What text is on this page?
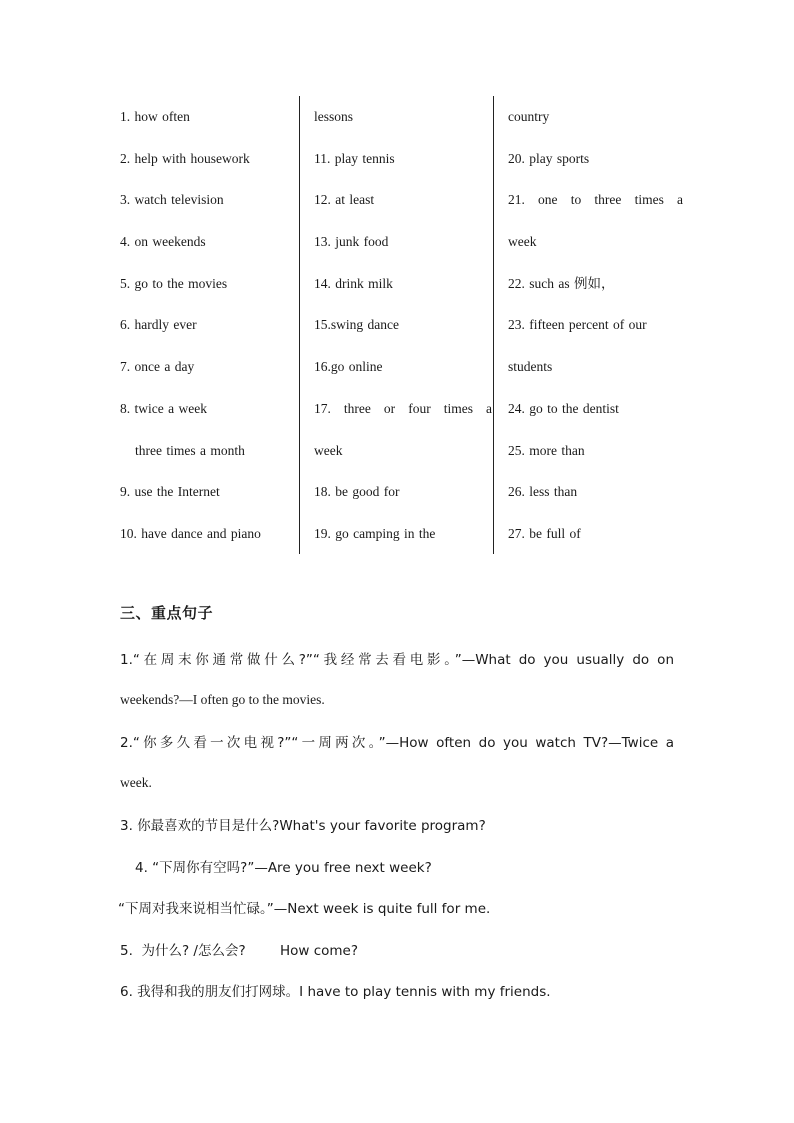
1. how often
2. help with housework
3. watch television
4. on weekends
5. go to the movies
6. hardly ever
7. once a day
8. twice a week
three times a month
9. use the Internet
10. have dance and piano
lessons
11. play tennis
12. at least
13. junk food
14. drink milk
15.swing dance
16.go online
17. three or four times a
week
18. be good for
19. go camping in the
country
20. play sports
21. one to three times a
week
22. such as 例如，
23. fifteen percent of our
students
24. go to the dentist
25. more than
26. less than
27. be full of
三、重点句子
1.“在周末你通常做什么?”“我经常去看电影。”—What do you usually do on
weekends?—I often go to the movies.
2.“你多久看一次电视?”“一周两次。”—How often do you watch TV?—Twice a
week.
3. 你最喜欢的节目是什么?What's your favorite program?
4. “下周你有空吗?”—Are you free next week?
“下周对我来说相当忙碌。”—Next week is quite full for me.
5.  为什么? /怎么会?        How come?
6. 我得和我的朋友们打网球。I have to play tennis with my friends.
